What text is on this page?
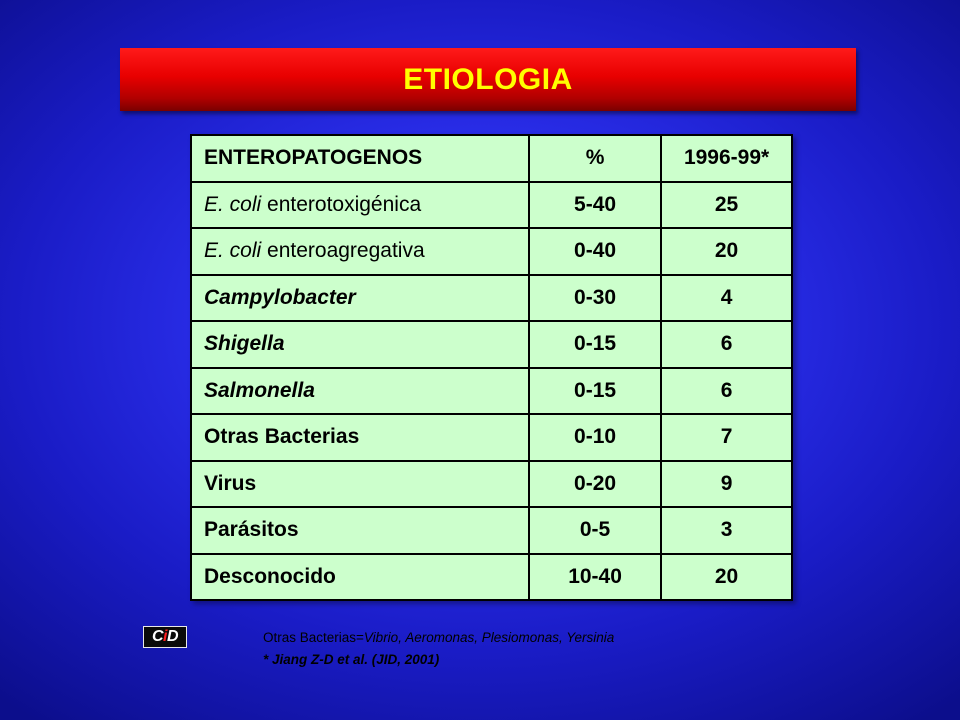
ETIOLOGIA
ENTEROPATOGENOS	%	1996-99*
E. coli enterotoxigénica	5-40	25
E. coli enteroagregativa	0-40	20
Campylobacter	0-30	4
Shigella	0-15	6
Salmonella	0-15	6
Otras Bacterias	0-10	7
Virus	0-20	9
Parásitos	0-5	3
Desconocido	10-40	20
CiD	Otras Bacterias=Vibrio, Aeromonas, Plesiomonas, Yersinia
* Jiang Z-D et al. (JID, 2001)
